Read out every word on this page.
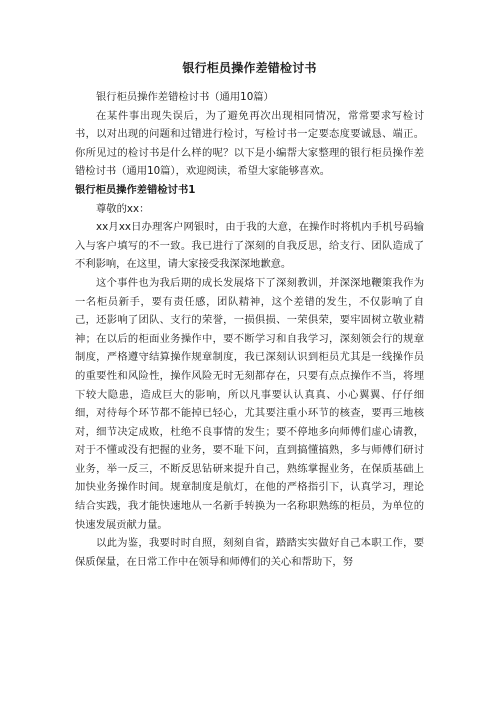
银行柜员操作差错检讨书

银行柜员操作差错检讨书（通用10篇）

在某件事出现失误后，为了避免再次出现相同情况，常常要求写检讨书，以对出现的问题和过错进行检讨，写检讨书一定要态度要诚恳、端正。你所见过的检讨书是什么样的呢？以下是小编帮大家整理的银行柜员操作差错检讨书（通用10篇），欢迎阅读，希望大家能够喜欢。

银行柜员操作差错检讨书1

尊敬的xx：

xx月xx日办理客户网银时，由于我的大意，在操作时将机内手机号码输入与客户填写的不一致。我已进行了深刻的自我反思，给支行、团队造成了不利影响，在这里，请大家接受我深深地歉意。

这个事件也为我后期的成长发展烙下了深刻教训，并深深地鞭策我作为一名柜员新手，要有责任感，团队精神，这个差错的发生，不仅影响了自己，还影响了团队、支行的荣誉，一损俱损、一荣俱荣，要牢固树立敬业精神；在以后的柜面业务操作中，要不断学习和自我学习，深刻领会行的规章制度，严格遵守结算操作规章制度，我已深刻认识到柜员尤其是一线操作员的重要性和风险性，操作风险无时无刻都存在，只要有点点操作不当，将埋下较大隐患，造成巨大的影响，所以凡事要认认真真、小心翼翼、仔仔细细，对待每个环节都不能掉已轻心，尤其要注重小环节的核查，要再三地核对，细节决定成败，杜绝不良事情的发生；要不停地多向师傅们虚心请教，对于不懂或没有把握的业务，要不耻下问，直到搞懂搞熟，多与师傅们研讨业务，举一反三，不断反思钻研来提升自己，熟练掌握业务，在保质基础上加快业务操作时间。规章制度是航灯，在他的严格指引下，认真学习，理论结合实践，我才能快速地从一名新手转换为一名称职熟练的柜员，为单位的快速发展贡献力量。

以此为鉴，我要时时自照，刻刻自省，踏踏实实做好自己本职工作，要保质保量，在日常工作中在领导和师傅们的关心和帮助下，努
